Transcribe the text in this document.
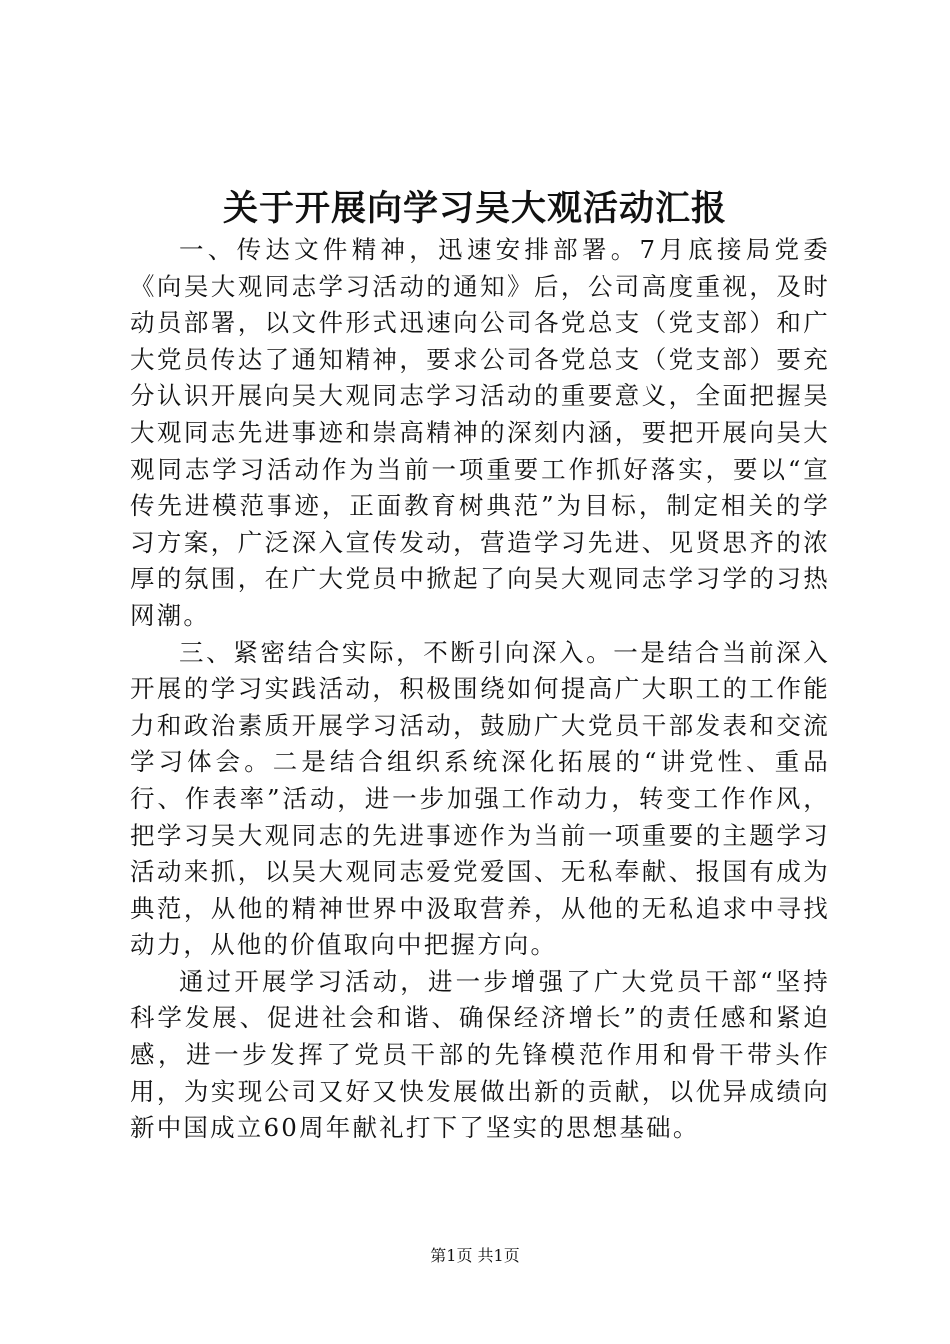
关于开展向学习吴大观活动汇报

一、传达文件精神，迅速安排部署。7月底接局党委《向吴大观同志学习活动的通知》后，公司高度重视，及时动员部署，以文件形式迅速向公司各党总支（党支部）和广大党员传达了通知精神，要求公司各党总支（党支部）要充分认识开展向吴大观同志学习活动的重要意义，全面把握吴大观同志先进事迹和崇高精神的深刻内涵，要把开展向吴大观同志学习活动作为当前一项重要工作抓好落实，要以“宣传先进模范事迹，正面教育树典范”为目标，制定相关的学习方案，广泛深入宣传发动，营造学习先进、见贤思齐的浓厚的氛围，在广大党员中掀起了向吴大观同志学习学的习热网潮。

三、紧密结合实际，不断引向深入。一是结合当前深入开展的学习实践活动，积极围绕如何提高广大职工的工作能力和政治素质开展学习活动，鼓励广大党员干部发表和交流学习体会。二是结合组织系统深化拓展的“讲党性、重品行、作表率”活动，进一步加强工作动力，转变工作作风，把学习吴大观同志的先进事迹作为当前一项重要的主题学习活动来抓，以吴大观同志爱党爱国、无私奉献、报国有成为典范，从他的精神世界中汲取营养，从他的无私追求中寻找动力，从他的价值取向中把握方向。

通过开展学习活动，进一步增强了广大党员干部“坚持科学发展、促进社会和谐、确保经济增长”的责任感和紧迫感，进一步发挥了党员干部的先锋模范作用和骨干带头作用，为实现公司又好又快发展做出新的贡献，以优异成绩向新中国成立60周年献礼打下了坚实的思想基础。

第1页 共1页
